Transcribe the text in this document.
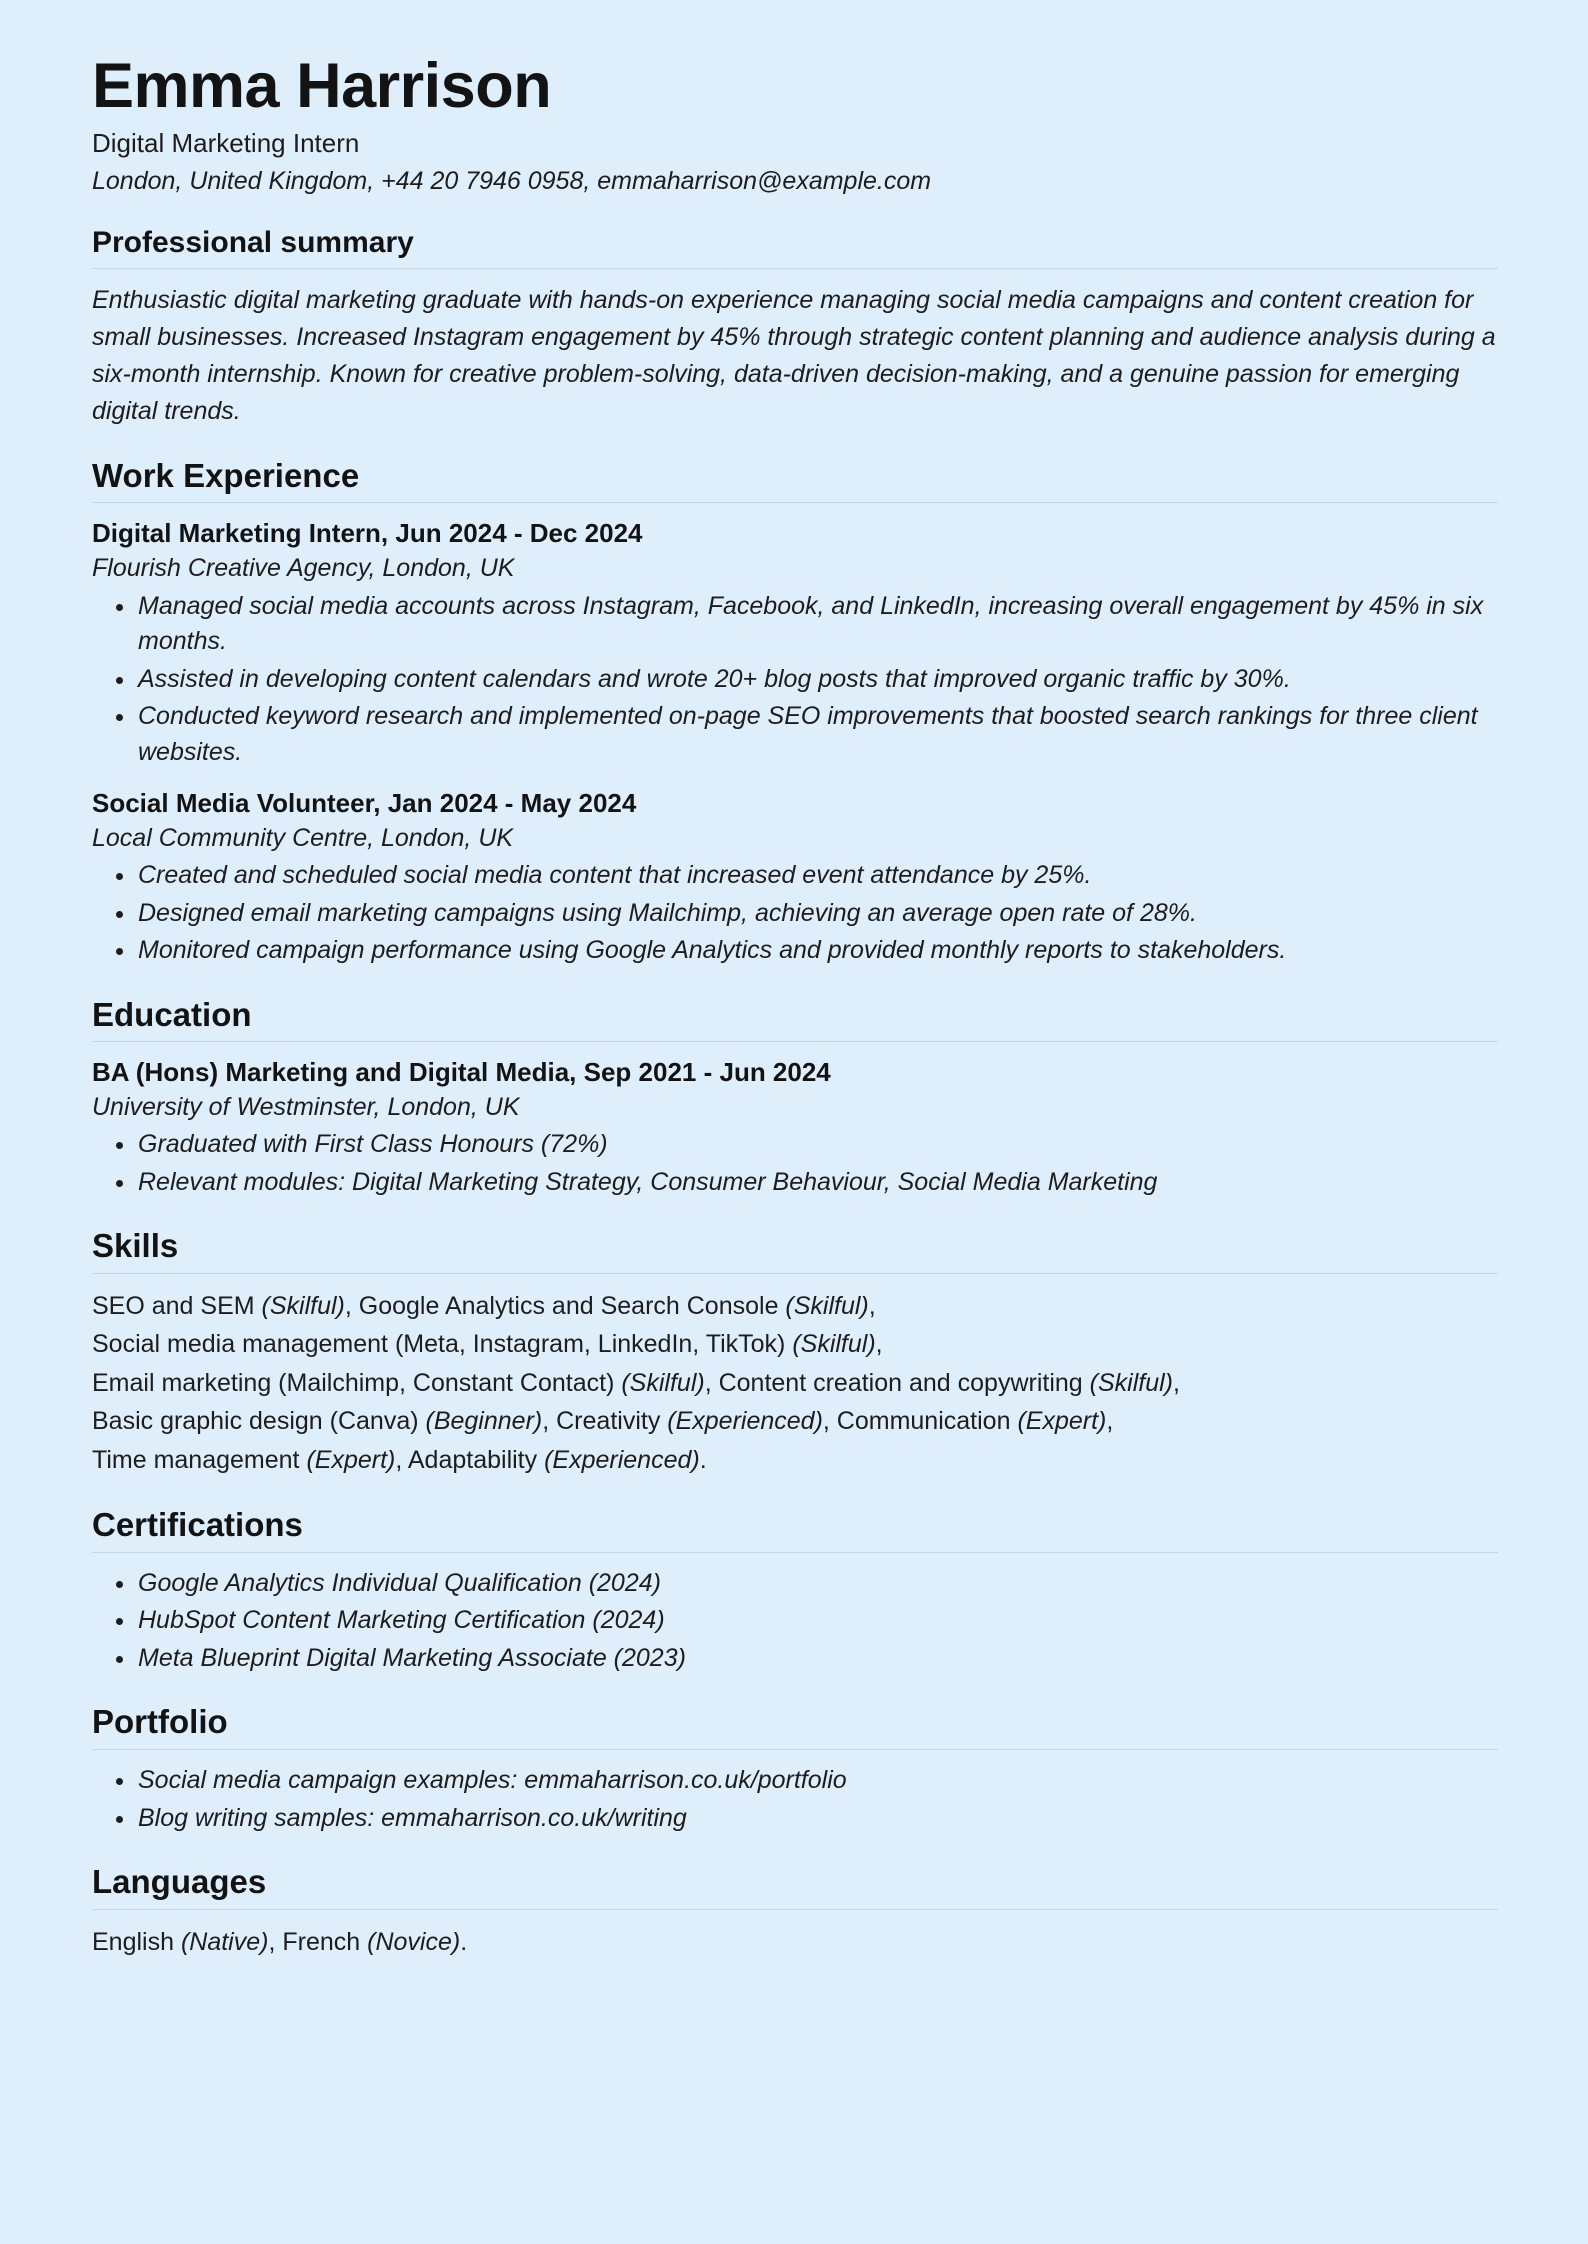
Emma Harrison

Digital Marketing Intern

London, United Kingdom, +44 20 7946 0958, emmaharrison@example.com

Professional summary

Enthusiastic digital marketing graduate with hands-on experience managing social media campaigns and content creation for small businesses. Increased Instagram engagement by 45% through strategic content planning and audience analysis during a six-month internship. Known for creative problem-solving, data-driven decision-making, and a genuine passion for emerging digital trends.

Work Experience

Digital Marketing Intern, Jun 2024 - Dec 2024

Flourish Creative Agency, London, UK

Managed social media accounts across Instagram, Facebook, and LinkedIn, increasing overall engagement by 45% in six months.
Assisted in developing content calendars and wrote 20+ blog posts that improved organic traffic by 30%.
Conducted keyword research and implemented on-page SEO improvements that boosted search rankings for three client websites.

Social Media Volunteer, Jan 2024 - May 2024

Local Community Centre, London, UK

Created and scheduled social media content that increased event attendance by 25%.
Designed email marketing campaigns using Mailchimp, achieving an average open rate of 28%.
Monitored campaign performance using Google Analytics and provided monthly reports to stakeholders.
Education

BA (Hons) Marketing and Digital Media, Sep 2021 - Jun 2024

University of Westminster, London, UK

Graduated with First Class Honours (72%)
Relevant modules: Digital Marketing Strategy, Consumer Behaviour, Social Media Marketing
Skills

SEO and SEM (Skilful), Google Analytics and Search Console (Skilful),

Social media management (Meta, Instagram, LinkedIn, TikTok) (Skilful),

Email marketing (Mailchimp, Constant Contact) (Skilful), Content creation and copywriting (Skilful),

Basic graphic design (Canva) (Beginner), Creativity (Experienced), Communication (Expert),

Time management (Expert), Adaptability (Experienced).

Certifications
Google Analytics Individual Qualification (2024)
HubSpot Content Marketing Certification (2024)
Meta Blueprint Digital Marketing Associate (2023)
Portfolio
Social media campaign examples: emmaharrison.co.uk/portfolio
Blog writing samples: emmaharrison.co.uk/writing
Languages

English (Native), French (Novice).
